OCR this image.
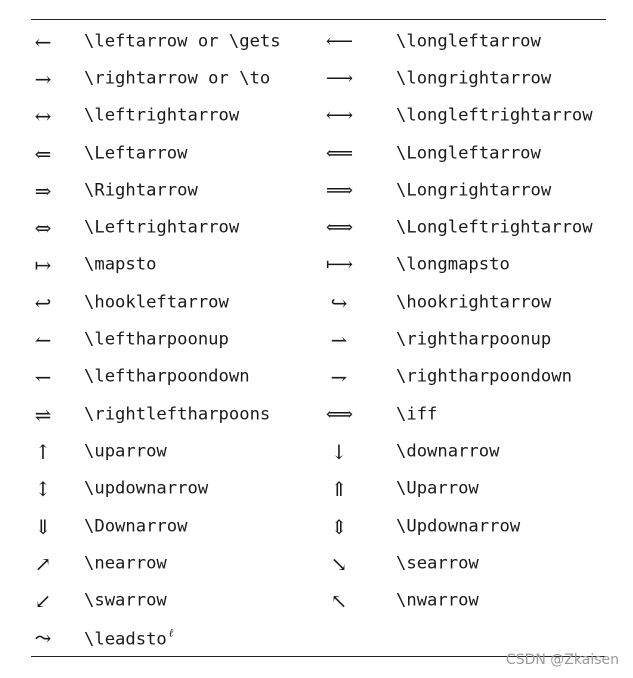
← \leftarrow or \gets ⟵	\longleftarrow
→ \rightarrow or \to	⟶	\longrightarrow
↔ \leftrightarrow	⟷	\longleftrightarrow
⇐ \Leftarrow	⟸	\Longleftarrow
⇒ \Rightarrow	⟹	\Longrightarrow
⇔ \Leftrightarrow	⟺	\Longleftrightarrow
↦ \mapsto	⟼	\longmapsto
↩ \hookleftarrow	↪	\hookrightarrow
↼ \leftharpoonup	⇀	\rightharpoonup
↽ \leftharpoondown	⇁	\rightharpoondown
⇌ \rightleftharpoons	⟺	\iff
↑ \uparrow	↓	\downarrow
↕ \updownarrow	⇑	\Uparrow
⇓ \Downarrow	⇕	\Updownarrow
↗ \nearrow	↘	\searrow
↙ \swarrow	↖	\nwarrow
⤳ \leadsto $^\ell$
CSDN @Zkaisen
